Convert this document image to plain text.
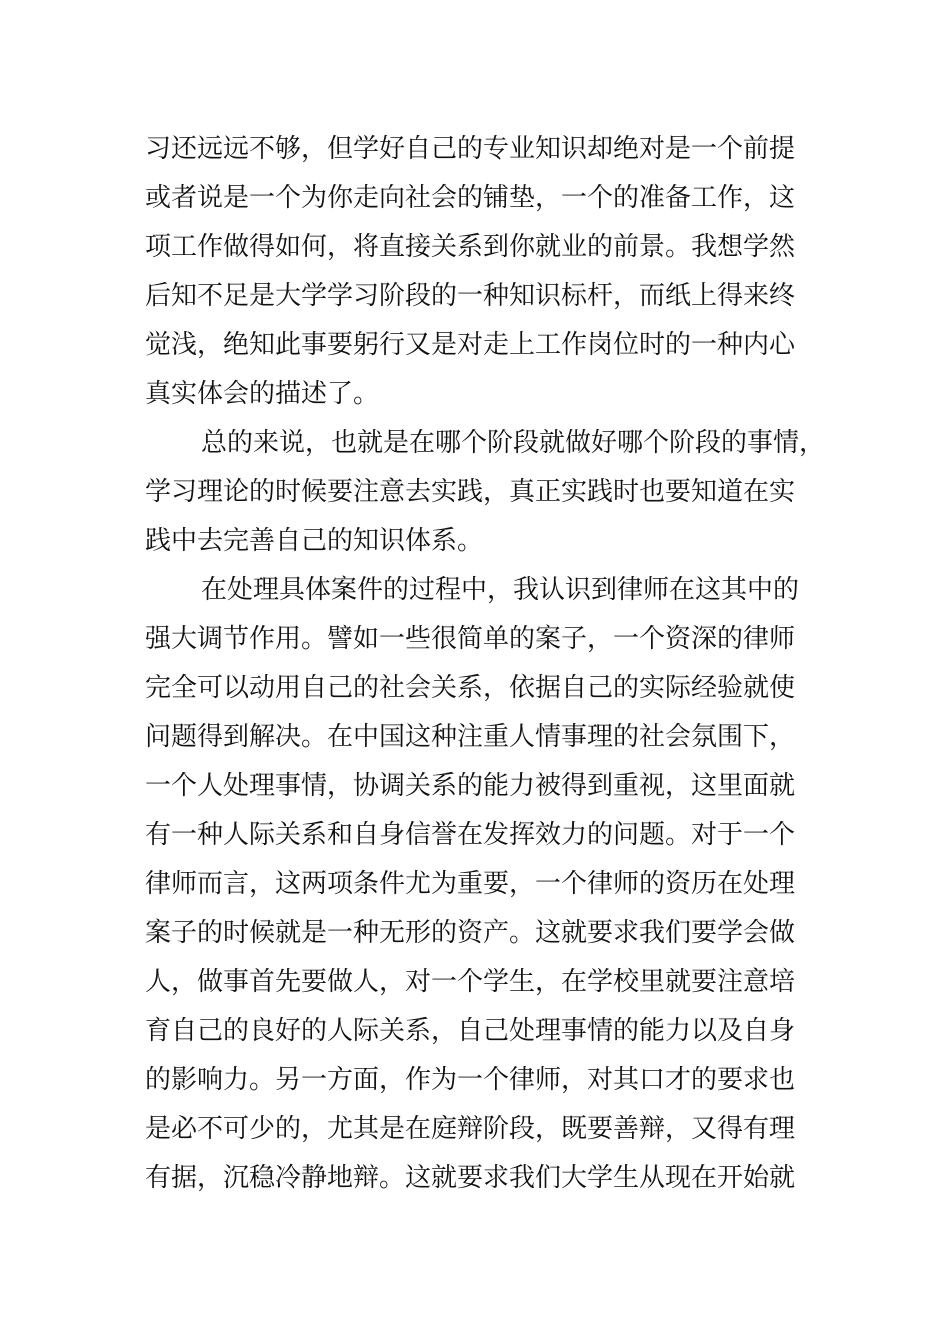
习还远远不够，但学好自己的专业知识却绝对是一个前提
或者说是一个为你走向社会的铺垫，一个的准备工作，这
项工作做得如何，将直接关系到你就业的前景。我想学然
后知不足是大学学习阶段的一种知识标杆，而纸上得来终
觉浅，绝知此事要躬行又是对走上工作岗位时的一种内心
真实体会的描述了。
总的来说，也就是在哪个阶段就做好哪个阶段的事情，
学习理论的时候要注意去实践，真正实践时也要知道在实
践中去完善自己的知识体系。
在处理具体案件的过程中，我认识到律师在这其中的
强大调节作用。譬如一些很简单的案子，一个资深的律师
完全可以动用自己的社会关系，依据自己的实际经验就使
问题得到解决。在中国这种注重人情事理的社会氛围下，
一个人处理事情，协调关系的能力被得到重视，这里面就
有一种人际关系和自身信誉在发挥效力的问题。对于一个
律师而言，这两项条件尤为重要，一个律师的资历在处理
案子的时候就是一种无形的资产。这就要求我们要学会做
人，做事首先要做人，对一个学生，在学校里就要注意培
育自己的良好的人际关系，自己处理事情的能力以及自身
的影响力。另一方面，作为一个律师，对其口才的要求也
是必不可少的，尤其是在庭辩阶段，既要善辩，又得有理
有据，沉稳冷静地辩。这就要求我们大学生从现在开始就
